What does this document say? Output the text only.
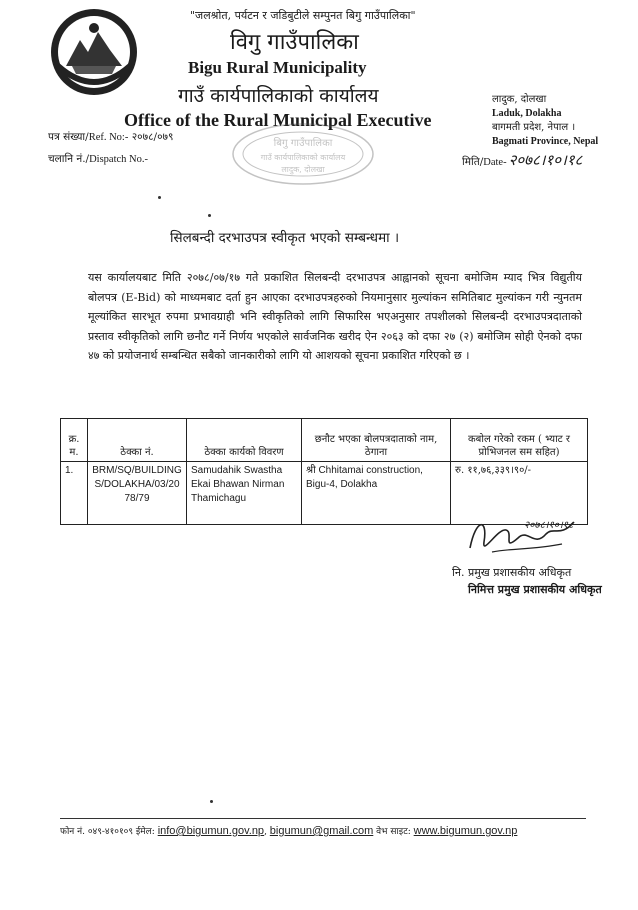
"जलश्रोत, पर्यटन र जडिबुटीले सम्पुनत बिगु गाउँपालिका"
विगु गाउँपालिका
Bigu Rural Municipality
गाउँ कार्यपालिकाको कार्यालय
Office of the Rural Municipal Executive
लादुक, दोलखा
Laduk, Dolakha
बागमती प्रदेश, नेपाल ।
Bagmati Province, Nepal
पत्र संख्या/Ref. No:- २०७८/०७९
चलानि नं./Dispatch No.-
बिगु गाउँपालिका
गाउँ कार्यपालिकाको कार्यालय
लादुक, दोलखा
मिति/Date- २०७८।१०।१८
सिलबन्दी दरभाउपत्र स्वीकृत भएको सम्बन्धमा ।
यस कार्यालयबाट मिति २०७८/०७/१७ गते प्रकाशित सिलबन्दी दरभाउपत्र आह्वानको सूचना बमोजिम म्याद भित्र विद्युतीय बोलपत्र (E-Bid) को माध्यमबाट दर्ता हुन आएका दरभाउपत्रहरुको नियमानुसार मुल्यांकन समितिबाट मुल्यांकन गरी न्युनतम मूल्यांकित सारभूत रुपमा प्रभावग्राही भनि स्वीकृतिको लागि सिफारिस भएअनुसार तपशीलको सिलबन्दी दरभाउपत्रदाताको प्रस्ताव स्वीकृतिको लागि छनौट गर्ने निर्णय भएकोले सार्वजनिक खरीद ऐन २०६३ को दफा २७ (२) बमोजिम सोही ऐनको दफा ४७ को प्रयोजनार्थ सम्बन्धित सबैको जानकारीको लागि यो आशयको सूचना प्रकाशित गरिएको छ ।
क्र. म.	ठेक्का नं.	ठेक्का कार्यको विवरण	छनौट भएका बोलपत्रदाताको नाम, ठेगाना	कबोल गरेको रकम ( भ्याट र प्रोभिजनल सम सहित)
1.	BRM/SQ/BUILDINGS/DOLAKHA/03/2078/79	Samudahik Swastha Ekai Bhawan Nirman Thamichagu	श्री Chhitamai construction, Bigu-4, Dolakha	रु. ११,७६,३३९।९०/-
२०७८।१०।१८
नि. प्रमुख प्रशासकीय अधिकृत
निमित्त प्रमुख प्रशासकीय अधिकृत
फोन नं. ०४९-४१०१०९ ईमेल: info@bigumun.gov.np, bigumun@gmail.com वेभ साइट: www.bigumun.gov.np
